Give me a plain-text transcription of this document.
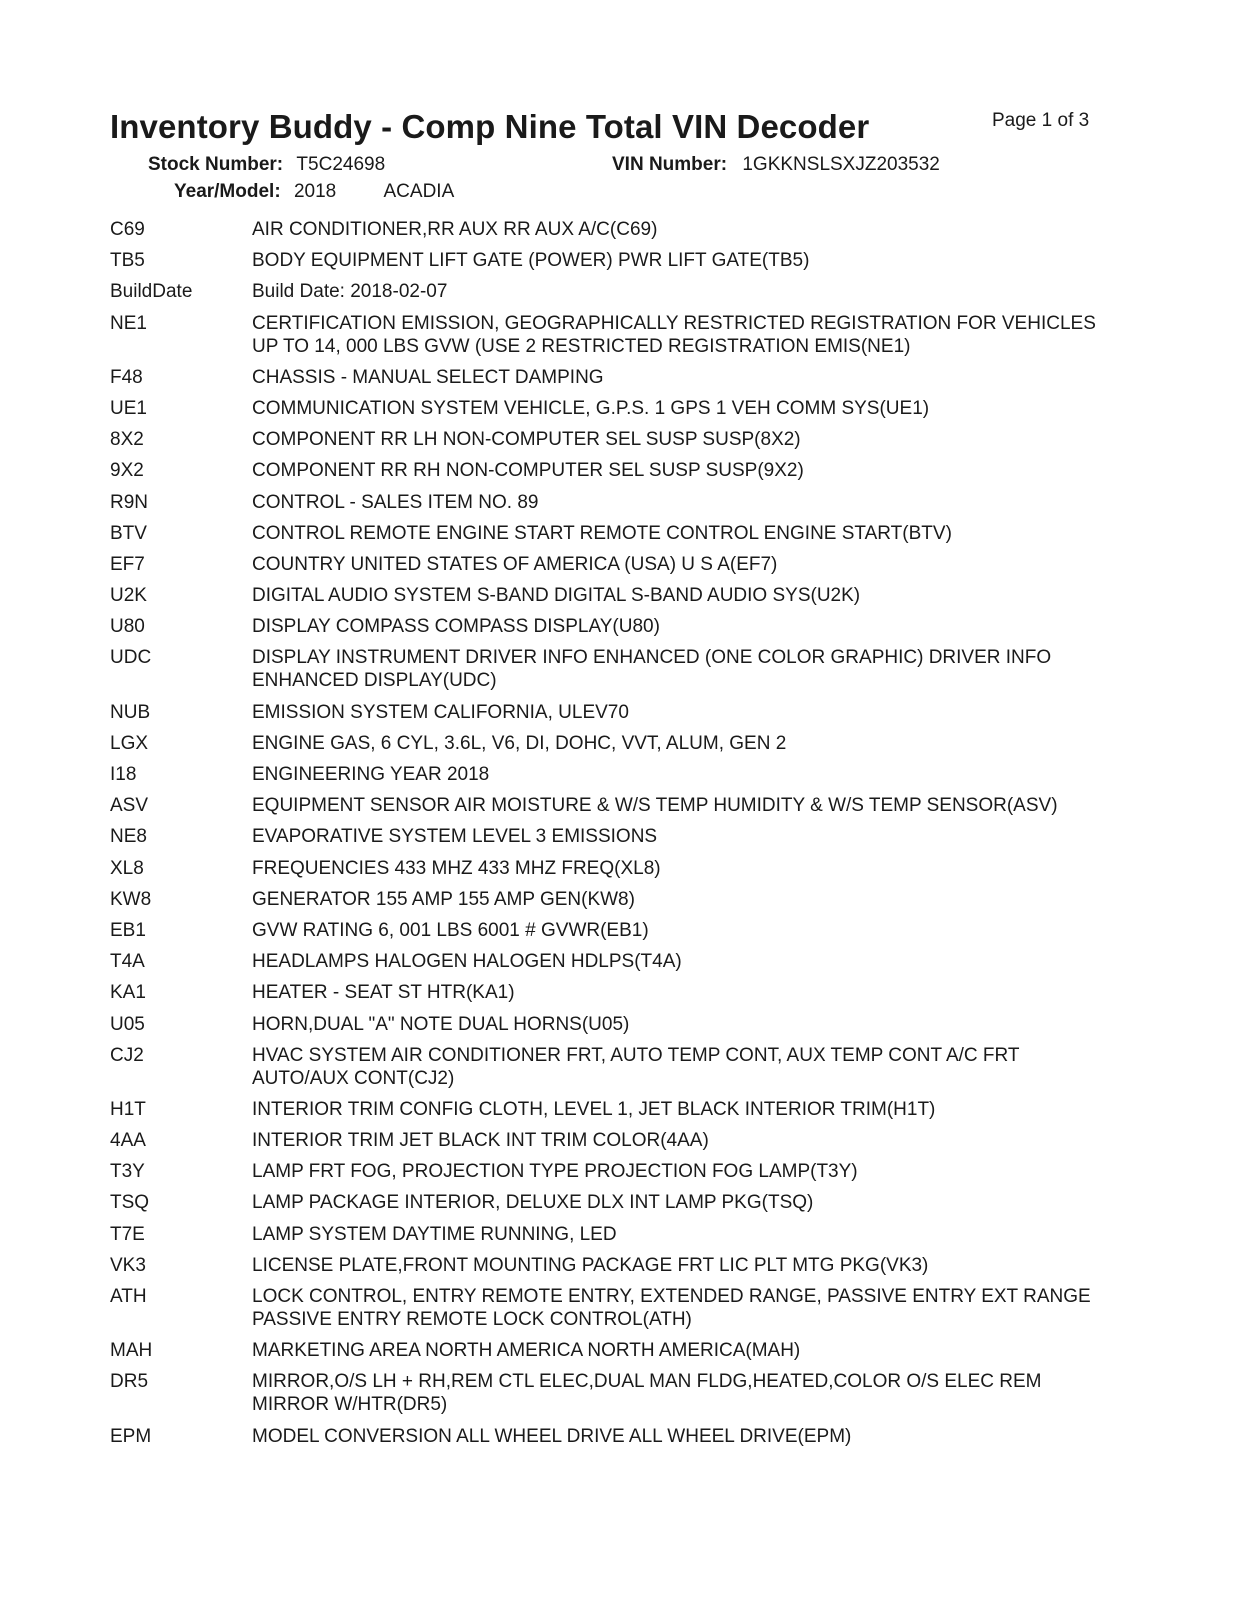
Inventory Buddy - Comp Nine Total VIN Decoder	Page 1 of 3
Stock Number: T5C24698	VIN Number: 1GKKNSLSXJZ203532
Year/Model: 2018 ACADIA
C69	AIR CONDITIONER,RR AUX RR AUX A/C(C69)
TB5	BODY EQUIPMENT LIFT GATE (POWER) PWR LIFT GATE(TB5)
BuildDate	Build Date: 2018-02-07
NE1	CERTIFICATION EMISSION, GEOGRAPHICALLY RESTRICTED REGISTRATION FOR VEHICLES UP TO 14, 000 LBS GVW (USE 2 RESTRICTED REGISTRATION EMIS(NE1)
F48	CHASSIS - MANUAL SELECT DAMPING
UE1	COMMUNICATION SYSTEM VEHICLE, G.P.S. 1 GPS 1 VEH COMM SYS(UE1)
8X2	COMPONENT RR LH NON-COMPUTER SEL SUSP SUSP(8X2)
9X2	COMPONENT RR RH NON-COMPUTER SEL SUSP SUSP(9X2)
R9N	CONTROL - SALES ITEM NO. 89
BTV	CONTROL REMOTE ENGINE START REMOTE CONTROL ENGINE START(BTV)
EF7	COUNTRY UNITED STATES OF AMERICA (USA) U S A(EF7)
U2K	DIGITAL AUDIO SYSTEM S-BAND DIGITAL S-BAND AUDIO SYS(U2K)
U80	DISPLAY COMPASS COMPASS DISPLAY(U80)
UDC	DISPLAY INSTRUMENT DRIVER INFO ENHANCED (ONE COLOR GRAPHIC) DRIVER INFO ENHANCED DISPLAY(UDC)
NUB	EMISSION SYSTEM CALIFORNIA, ULEV70
LGX	ENGINE GAS, 6 CYL, 3.6L, V6, DI, DOHC, VVT, ALUM, GEN 2
I18	ENGINEERING YEAR 2018
ASV	EQUIPMENT SENSOR AIR MOISTURE & W/S TEMP HUMIDITY & W/S TEMP SENSOR(ASV)
NE8	EVAPORATIVE SYSTEM LEVEL 3 EMISSIONS
XL8	FREQUENCIES 433 MHZ 433 MHZ FREQ(XL8)
KW8	GENERATOR 155 AMP 155 AMP GEN(KW8)
EB1	GVW RATING 6, 001 LBS 6001 # GVWR(EB1)
T4A	HEADLAMPS HALOGEN HALOGEN HDLPS(T4A)
KA1	HEATER - SEAT ST HTR(KA1)
U05	HORN,DUAL "A" NOTE DUAL HORNS(U05)
CJ2	HVAC SYSTEM AIR CONDITIONER FRT, AUTO TEMP CONT, AUX TEMP CONT A/C FRT AUTO/AUX CONT(CJ2)
H1T	INTERIOR TRIM CONFIG CLOTH, LEVEL 1, JET BLACK INTERIOR TRIM(H1T)
4AA	INTERIOR TRIM JET BLACK INT TRIM COLOR(4AA)
T3Y	LAMP FRT FOG, PROJECTION TYPE PROJECTION FOG LAMP(T3Y)
TSQ	LAMP PACKAGE INTERIOR, DELUXE DLX INT LAMP PKG(TSQ)
T7E	LAMP SYSTEM DAYTIME RUNNING, LED
VK3	LICENSE PLATE,FRONT MOUNTING PACKAGE FRT LIC PLT MTG PKG(VK3)
ATH	LOCK CONTROL, ENTRY REMOTE ENTRY, EXTENDED RANGE, PASSIVE ENTRY EXT RANGE PASSIVE ENTRY REMOTE LOCK CONTROL(ATH)
MAH	MARKETING AREA NORTH AMERICA NORTH AMERICA(MAH)
DR5	MIRROR,O/S LH + RH,REM CTL ELEC,DUAL MAN FLDG,HEATED,COLOR O/S ELEC REM MIRROR W/HTR(DR5)
EPM	MODEL CONVERSION ALL WHEEL DRIVE ALL WHEEL DRIVE(EPM)
